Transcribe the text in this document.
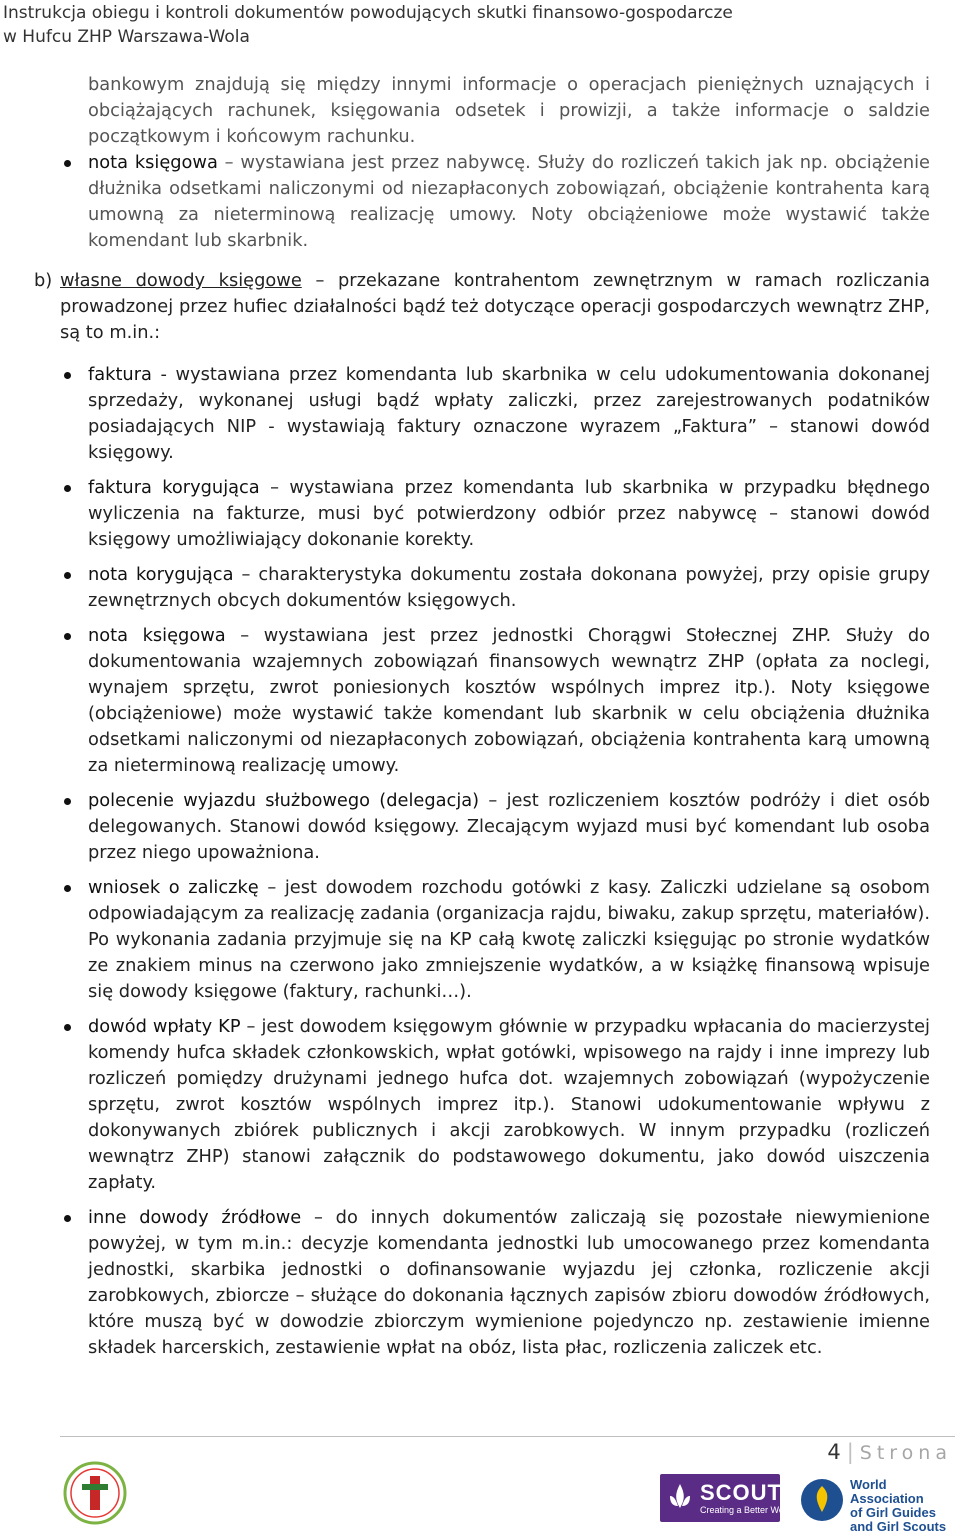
Instrukcja obiegu i kontroli dokumentów powodujących skutki finansowo-gospodarcze
w Hufcu ZHP Warszawa-Wola
bankowym znajdują się między innymi informacje o operacjach pieniężnych uznających i obciążających rachunek, księgowania odsetek i prowizji, a także informacje o saldzie początkowym i końcowym rachunku.
nota księgowa – wystawiana jest przez nabywcę. Służy do rozliczeń takich jak np. obciążenie dłużnika odsetkami naliczonymi od niezapłaconych zobowiązań, obciążenie kontrahenta karą umowną za nieterminową realizację umowy. Noty obciążeniowe może wystawić także komendant lub skarbnik.
b) własne dowody księgowe – przekazane kontrahentom zewnętrznym w ramach rozliczania prowadzonej przez hufiec działalności bądź też dotyczące operacji gospodarczych wewnątrz ZHP, są to m.in.:
faktura - wystawiana przez komendanta lub skarbnika w celu udokumentowania dokonanej sprzedaży, wykonanej usługi bądź wpłaty zaliczki, przez zarejestrowanych podatników posiadających NIP - wystawiają faktury oznaczone wyrazem „Faktura” – stanowi dowód księgowy.
faktura korygująca – wystawiana przez komendanta lub skarbnika w przypadku błędnego wyliczenia na fakturze, musi być potwierdzony odbiór przez nabywcę – stanowi dowód księgowy umożliwiający dokonanie korekty.
nota korygująca – charakterystyka dokumentu została dokonana powyżej, przy opisie grupy zewnętrznych obcych dokumentów księgowych.
nota księgowa – wystawiana jest przez jednostki Chorągwi Stołecznej ZHP. Służy do dokumentowania wzajemnych zobowiązań finansowych wewnątrz ZHP (opłata za noclegi, wynajem sprzętu, zwrot poniesionych kosztów wspólnych imprez itp.). Noty księgowe (obciążeniowe) może wystawić także komendant lub skarbnik w celu obciążenia dłużnika odsetkami naliczonymi od niezapłaconych zobowiązań, obciążenia kontrahenta karą umowną za nieterminową realizację umowy.
polecenie wyjazdu służbowego (delegacja) – jest rozliczeniem kosztów podróży i diet osób delegowanych. Stanowi dowód księgowy. Zlecającym wyjazd musi być komendant lub osoba przez niego upoważniona.
wniosek o zaliczkę – jest dowodem rozchodu gotówki z kasy. Zaliczki udzielane są osobom odpowiadającym za realizację zadania (organizacja rajdu, biwaku, zakup sprzętu, materiałów). Po wykonania zadania przyjmuje się na KP całą kwotę zaliczki księgując po stronie wydatków ze znakiem minus na czerwono jako zmniejszenie wydatków, a w książkę finansową wpisuje się dowody księgowe (faktury, rachunki…).
dowód wpłaty KP – jest dowodem księgowym głównie w przypadku wpłacania do macierzystej komendy hufca składek członkowskich, wpłat gotówki, wpisowego na rajdy i inne imprezy lub rozliczeń pomiędzy drużynami jednego hufca dot. wzajemnych zobowiązań (wypożyczenie sprzętu, zwrot kosztów wspólnych imprez itp.). Stanowi udokumentowanie wpływu z dokonywanych zbiórek publicznych i akcji zarobkowych. W innym przypadku (rozliczeń wewnątrz ZHP) stanowi załącznik do podstawowego dokumentu, jako dowód uiszczenia zapłaty.
inne dowody źródłowe – do innych dokumentów zaliczają się pozostałe niewymienione powyżej, w tym m.in.: decyzje komendanta jednostki lub umocowanego przez komendanta jednostki, skarbika jednostki o dofinansowanie wyjazdu jej członka, rozliczenie akcji zarobkowych, zbiorcze – służące do dokonania łącznych zapisów zbioru dowodów źródłowych, które muszą być w dowodzie zbiorczym wymienione pojedynczo np. zestawienie imienne składek harcerskich, zestawienie wpłat na obóz, lista płac, rozliczenia zaliczek etc.
4 | Strona
SCOUTS
Creating a Better World
World Association
of Girl Guides
and Girl Scouts
